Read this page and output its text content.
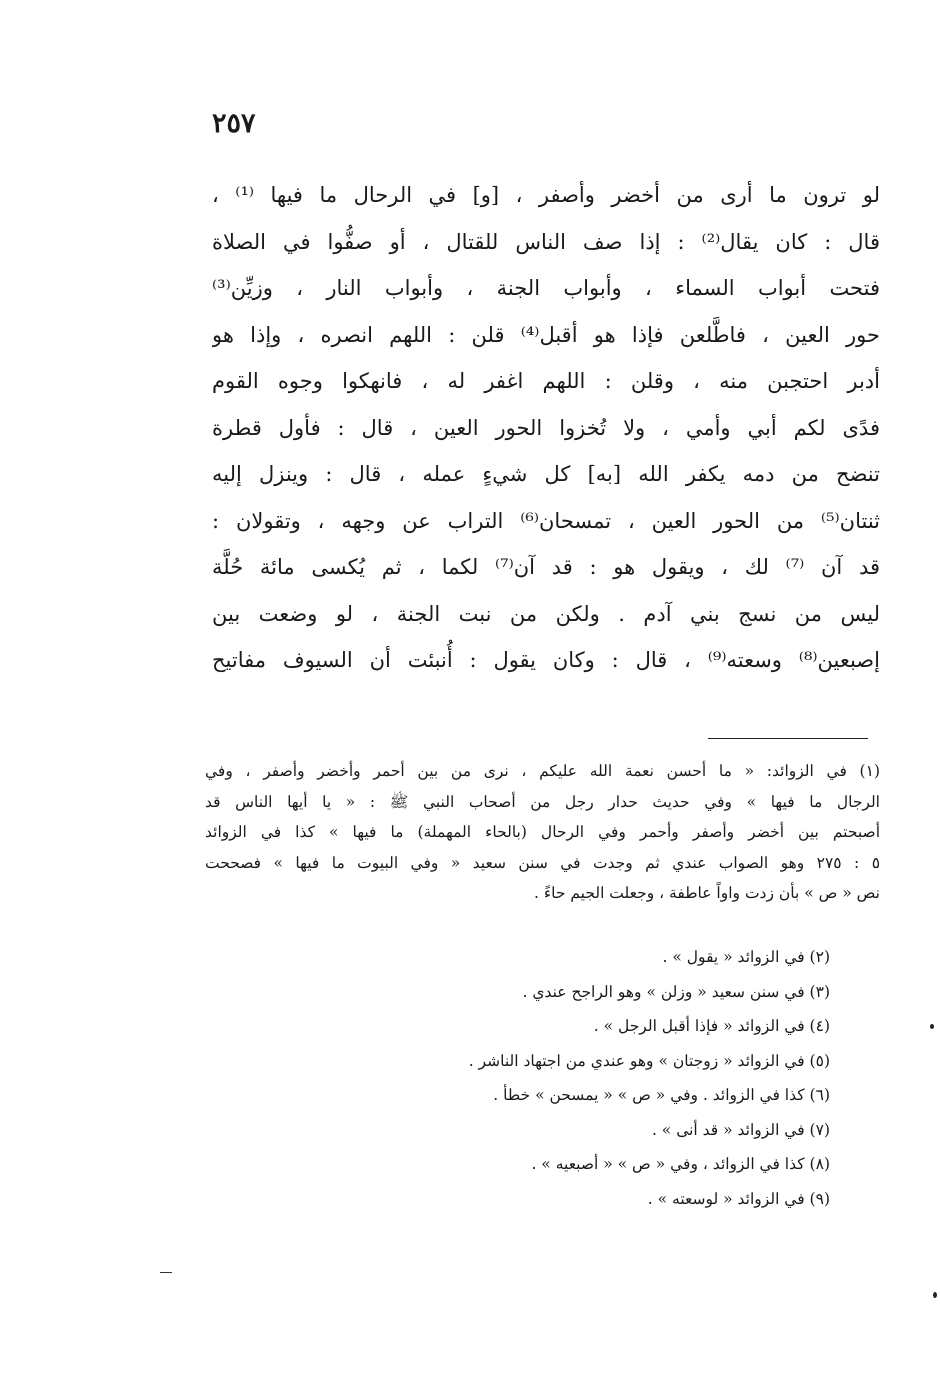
٢٥٧
لو ترون ما أرى من أخضر وأصفر ، [و] في الرحال ما فيها ⁽¹⁾ ،
قال : كان يقال⁽²⁾ : إذا صف الناس للقتال ، أو صفُّوا في الصلاة
فتحت أبواب السماء ، وأبواب الجنة ، وأبواب النار ، وزيِّن⁽³⁾
حور العين ، فاطَّلعن فإذا هو أقبل⁽⁴⁾ قلن : اللهم انصره ، وإذا هو
أدبر احتجبن منه ، وقلن : اللهم اغفر له ، فانهكوا وجوه القوم
فدًى لكم أبي وأمي ، ولا تُخزوا الحور العين ، قال : فأول قطرة
تنضح من دمه يكفر الله [به] كل شيءٍ عمله ، قال : وينزل إليه
ثنتان⁽⁵⁾ من الحور العين ، تمسحان⁽⁶⁾ التراب عن وجهه ، وتقولان :
قد آن ⁽⁷⁾ لك ، ويقول هو : قد آن⁽⁷⁾ لكما ، ثم يُكسى مائة حُلَّة
ليس من نسج بني آدم . ولكن من نبت الجنة ، لو وضعت بين
إصبعين⁽⁸⁾ وسعته⁽⁹⁾ ، قال : وكان يقول : أُنبئت أن السيوف مفاتيح
(١) في الزوائد: « ما أحسن نعمة الله عليكم ، نرى من بين أحمر وأخضر وأصفر ، وفي
الرجال ما فيها » وفي حديث حدار رجل من أصحاب النبي ﷺ : « يا أيها الناس قد
أصبحتم بين أخضر وأصفر وأحمر وفي الرحال (بالحاء المهملة) ما فيها » كذا في الزوائد
٥ : ٢٧٥ وهو الصواب عندي ثم وجدت في سنن سعيد « وفي البيوت ما فيها » فصححت
نص « ص » بأن زدت واواً عاطفة ، وجعلت الجيم حاءً .
(٢) في الزوائد « يقول » .
(٣) في سنن سعيد « وزلن » وهو الراجح عندي .
(٤) في الزوائد « فإذا أقبل الرجل » .
(٥) في الزوائد « زوجتان » وهو عندي من اجتهاد الناشر .
(٦) كذا في الزوائد . وفي « ص » « يمسحن » خطأ .
(٧) في الزوائد « قد أنى » .
(٨) كذا في الزوائد ، وفي « ص » « أصبعيه » .
(٩) في الزوائد « لوسعته » .
